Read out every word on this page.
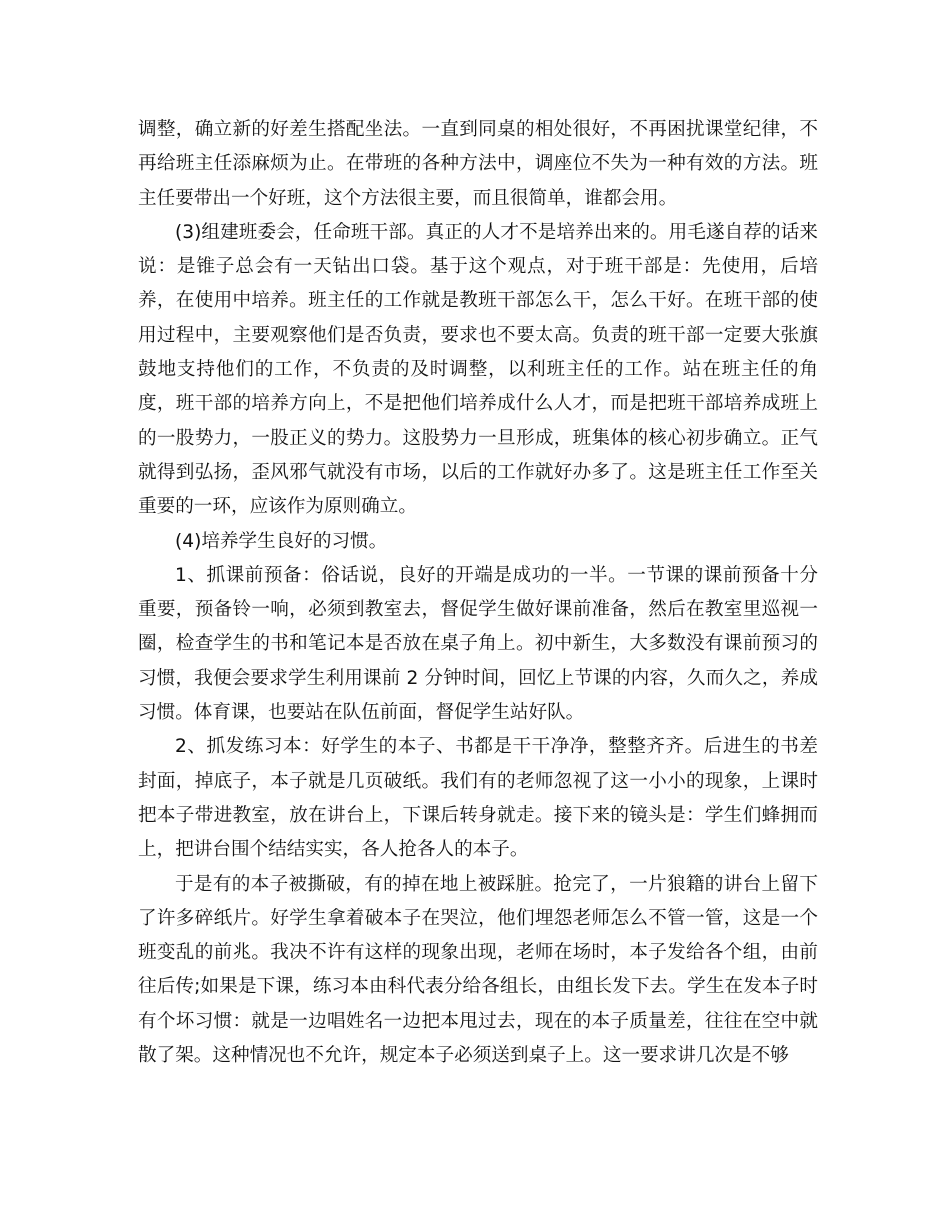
调整，确立新的好差生搭配坐法。一直到同桌的相处很好，不再困扰课堂纪律，不再给班主任添麻烦为止。在带班的各种方法中，调座位不失为一种有效的方法。班主任要带出一个好班，这个方法很主要，而且很简单，谁都会用。

(3)组建班委会，任命班干部。真正的人才不是培养出来的。用毛遂自荐的话来说：是锥子总会有一天钻出口袋。基于这个观点，对于班干部是：先使用，后培养，在使用中培养。班主任的工作就是教班干部怎么干，怎么干好。在班干部的使用过程中，主要观察他们是否负责，要求也不要太高。负责的班干部一定要大张旗鼓地支持他们的工作，不负责的及时调整，以利班主任的工作。站在班主任的角度，班干部的培养方向上，不是把他们培养成什么人才，而是把班干部培养成班上的一股势力，一股正义的势力。这股势力一旦形成，班集体的核心初步确立。正气就得到弘扬，歪风邪气就没有市场，以后的工作就好办多了。这是班主任工作至关重要的一环，应该作为原则确立。

(4)培养学生良好的习惯。

1、抓课前预备：俗话说，良好的开端是成功的一半。一节课的课前预备十分重要，预备铃一响，必须到教室去，督促学生做好课前准备，然后在教室里巡视一圈，检查学生的书和笔记本是否放在桌子角上。初中新生，大多数没有课前预习的习惯，我便会要求学生利用课前 2 分钟时间，回忆上节课的内容，久而久之，养成习惯。体育课，也要站在队伍前面，督促学生站好队。

2、抓发练习本：好学生的本子、书都是干干净净，整整齐齐。后进生的书差封面，掉底子，本子就是几页破纸。我们有的老师忽视了这一小小的现象，上课时把本子带进教室，放在讲台上，下课后转身就走。接下来的镜头是：学生们蜂拥而上，把讲台围个结结实实，各人抢各人的本子。

于是有的本子被撕破，有的掉在地上被踩脏。抢完了，一片狼籍的讲台上留下了许多碎纸片。好学生拿着破本子在哭泣，他们埋怨老师怎么不管一管，这是一个班变乱的前兆。我决不许有这样的现象出现，老师在场时，本子发给各个组，由前往后传;如果是下课，练习本由科代表分给各组长，由组长发下去。学生在发本子时有个坏习惯：就是一边唱姓名一边把本甩过去，现在的本子质量差，往往在空中就散了架。这种情况也不允许，规定本子必须送到桌子上。这一要求讲几次是不够
